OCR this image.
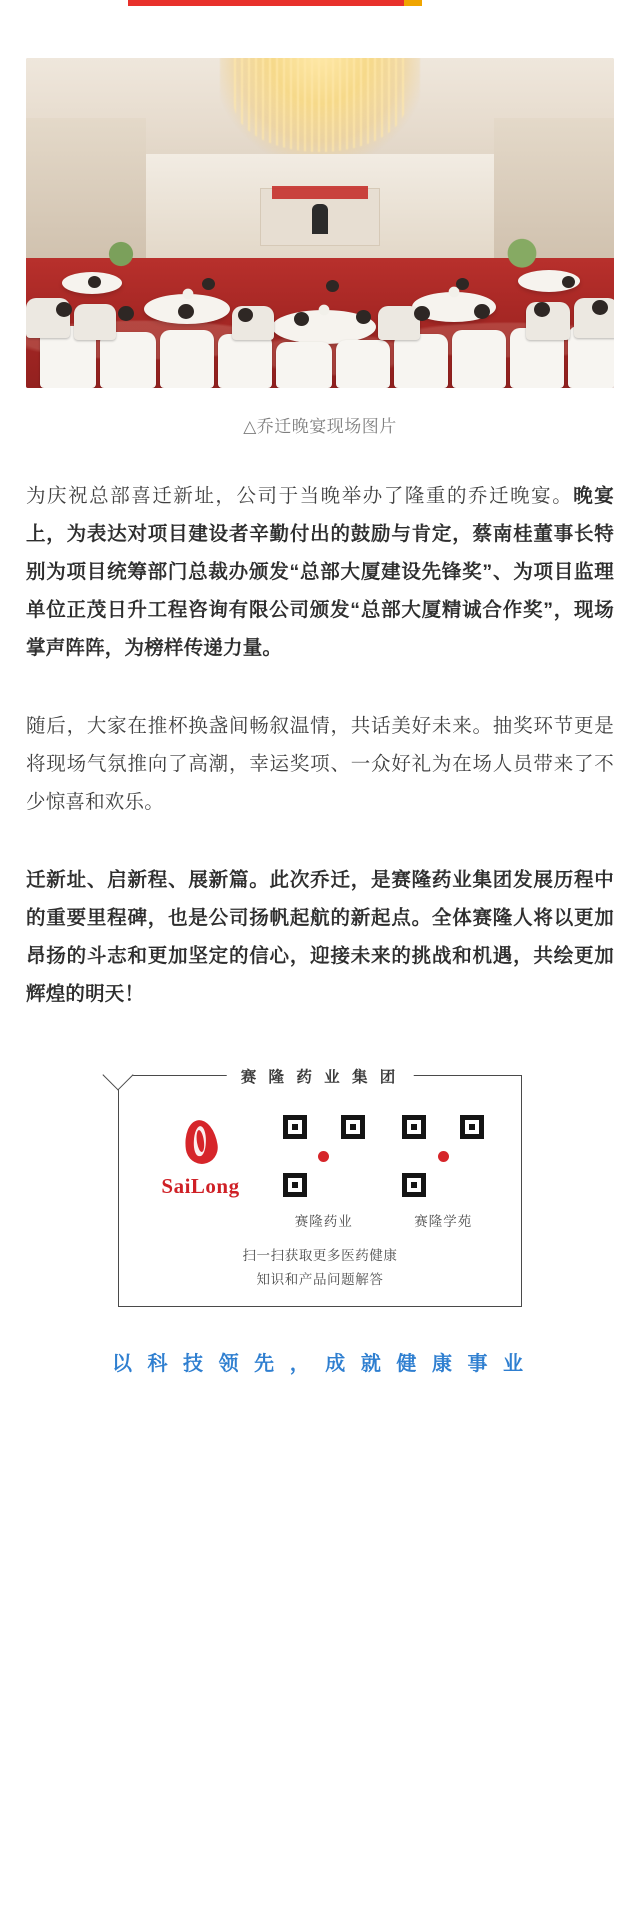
△乔迁晚宴现场图片

为庆祝总部喜迁新址，公司于当晚举办了隆重的乔迁晚宴。晚宴上，为表达对项目建设者辛勤付出的鼓励与肯定，蔡南桂董事长特别为项目统筹部门总裁办颁发“总部大厦建设先锋奖”、为项目监理单位正茂日升工程咨询有限公司颁发“总部大厦精诚合作奖”，现场掌声阵阵，为榜样传递力量。

随后，大家在推杯换盏间畅叙温情，共话美好未来。抽奖环节更是将现场气氛推向了高潮，幸运奖项、一众好礼为在场人员带来了不少惊喜和欢乐。

迁新址、启新程、展新篇。此次乔迁，是赛隆药业集团发展历程中的重要里程碑，也是公司扬帆起航的新起点。全体赛隆人将以更加昂扬的斗志和更加坚定的信心，迎接未来的挑战和机遇，共绘更加辉煌的明天！

赛 隆 药 业 集 团
SaiLong
赛隆药业	赛隆学苑
扫一扫获取更多医药健康
知识和产品问题解答
以 科 技 领 先 ， 成 就 健 康 事 业
